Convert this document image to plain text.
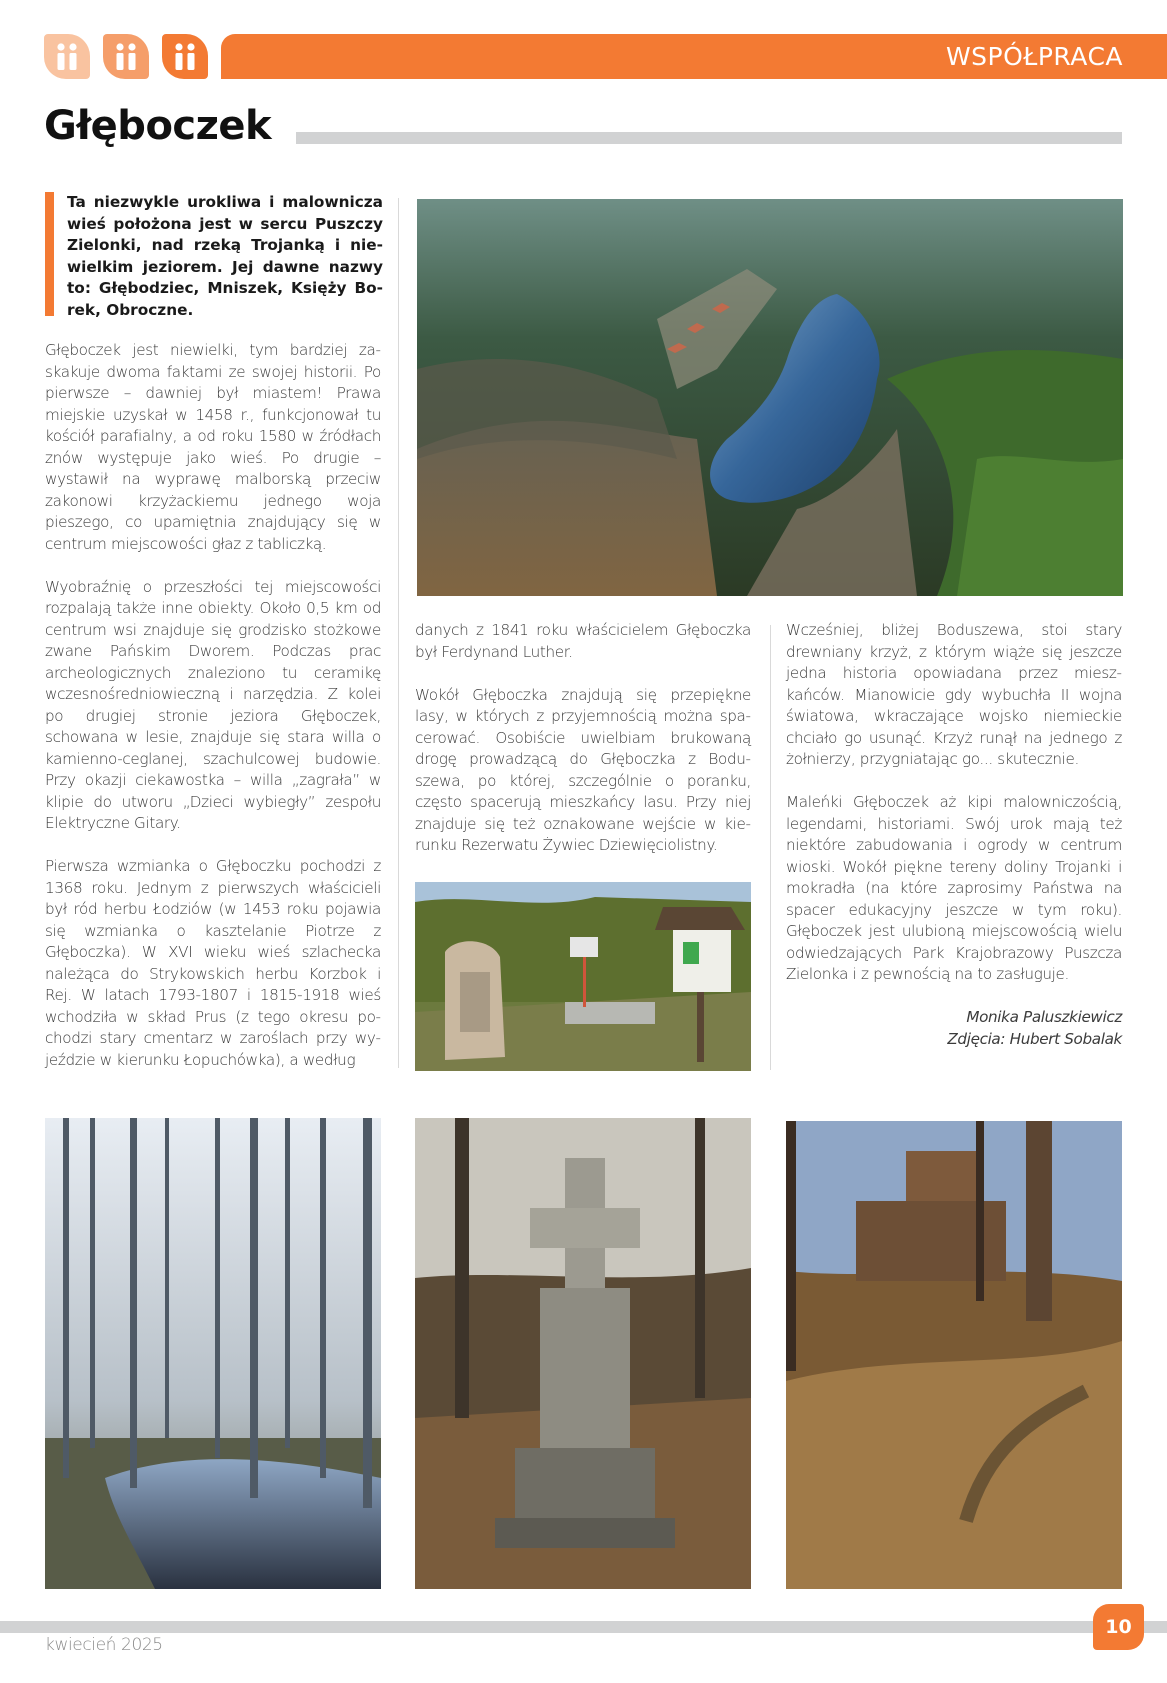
WSPÓŁPRACA
Głęboczek

Ta niezwykle urokliwa i malownicza wieś położona jest w sercu Puszczy Zielonki, nad rzeką Trojanką i niewielkim jeziorem. Jej dawne nazwy to: Głębodziec, Mniszek, Księży Borek, Obroczne.

Głęboczek jest niewielki, tym bardziej zaskakuje dwoma faktami ze swojej historii. Po pierwsze – dawniej był miastem! Prawa miejskie uzyskał w 1458 r., funkcjonował tu kościół parafialny, a od roku 1580 w źródłach znów występuje jako wieś. Po drugie – wystawił na wyprawę malborską przeciw zakonowi krzyżackiemu jednego woja pieszego, co upamiętnia znajdujący się w centrum miejscowości głaz z tabliczką.

Wyobraźnię o przeszłości tej miejscowości rozpalają także inne obiekty. Około 0,5 km od centrum wsi znajduje się grodzisko stożkowe zwane Pańskim Dworem. Podczas prac archeologicznych znaleziono tu ceramikę wczesnośredniowieczną i narzędzia. Z kolei po drugiej stronie jeziora Głęboczek, schowana w lesie, znajduje się stara willa o kamienno-ceglanej, szachulcowej budowie. Przy okazji ciekawostka – willa „zagrała” w klipie do utworu „Dzieci wybiegły” zespołu Elektryczne Gitary.

Pierwsza wzmianka o Głęboczku pochodzi z 1368 roku. Jednym z pierwszych właścicieli był ród herbu Łodziów (w 1453 roku pojawia się wzmianka o kasztelanie Piotrze z Głęboczka). W XVI wieku wieś szlachecka należąca do Strykowskich herbu Korzbok i Rej. W latach 1793-1807 i 1815-1918 wieś wchodziła w skład Prus (z tego okresu pochodzi stary cmentarz w zaroślach przy wyjeździe w kierunku Łopuchówka), a według

danych z 1841 roku właścicielem Głęboczka był Ferdynand Luther.

Wokół Głęboczka znajdują się przepiękne lasy, w których z przyjemnością można spacerować. Osobiście uwielbiam brukowaną drogę prowadzącą do Głęboczka z Boduszewa, po której, szczególnie o poranku, często spacerują mieszkańcy lasu. Przy niej znajduje się też oznakowane wejście w kierunku Rezerwatu Żywiec Dziewięciolistny.

Wcześniej, bliżej Boduszewa, stoi stary drewniany krzyż, z którym wiąże się jeszcze jedna historia opowiadana przez mieszkańców. Mianowicie gdy wybuchła II wojna światowa, wkraczające wojsko niemieckie chciało go usunąć. Krzyż runął na jednego z żołnierzy, przygniatając go... skutecznie.

Maleńki Głęboczek aż kipi malowniczością, legendami, historiami. Swój urok mają też niektóre zabudowania i ogrody w centrum wioski. Wokół piękne tereny doliny Trojanki i mokradła (na które zaprosimy Państwa na spacer edukacyjny jeszcze w tym roku). Głęboczek jest ulubioną miejscowością wielu odwiedzających Park Krajobrazowy Puszcza Zielonka i z pewnością na to zasługuje.

Monika Paluszkiewicz
Zdjęcia: Hubert Sobalak
kwiecień 2025
10
